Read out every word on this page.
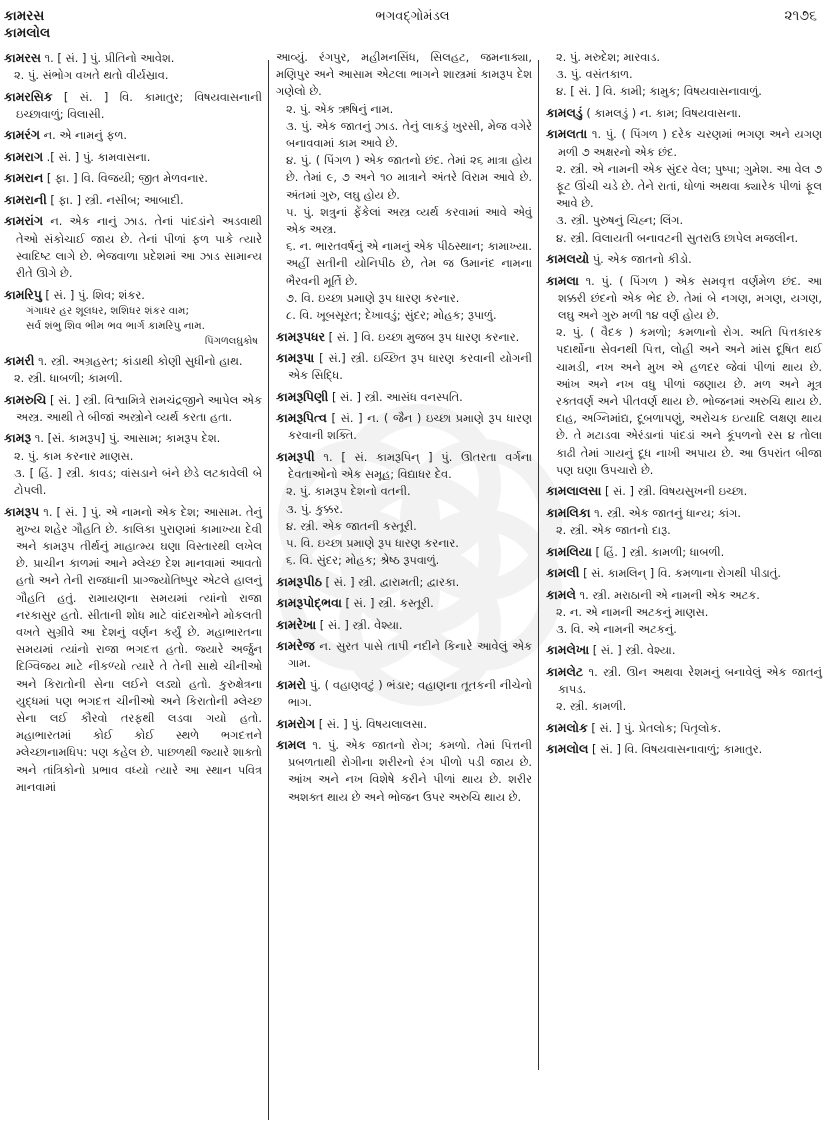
કામરસ
કામલોલ
ભગવદ્ગોમંડલ	૨૧૭૬

કામરસ ૧. [ સં. ] પું. પ્રીતિનો આવેશ.

૨. પું. સંભોગ વખતે થતો વીર્યસ્રાવ.

કામરસિક [ સં. ] વિ. કામાતુર; વિષયવાસનાની ઇચ્છાવાળું; વિલાસી.

કામરંગ ન. એ નામનું ફળ.

કામરાગ .[ સં. ] પું. કામવાસના.

કામરાન [ ફા. ] વિ. વિજયી; જીત મેળવનાર.

કામરાની [ ફા. ] સ્ત્રી. નસીબ; આબાદી.

કામરાંગ ન. એક નાનું ઝાડ. તેનાં પાંદડાંને અડવાથી તેઓ સંકોચાઈ જાય છે. તેનાં પીળાં ફળ પાકે ત્યારે સ્વાદિષ્ટ લાગે છે. ભેજવાળા પ્રદેશમાં આ ઝાડ સામાન્ય રીતે ઊગે છે.

કામરિપુ [ સં. ] પું. શિવ; શંકર.

ગંગાધર હર શૂલધર, શશિધર શંકર વામ;

સર્વ શંભુ શિવ ભીમ ભવ ભાર્ગ કામરિપુ નામ.

પિંગળલઘુકોષ

કામરી ૧. સ્ત્રી. અગ્રહસ્ત; કાંડાથી કોણી સુધીનો હાથ.

૨. સ્ત્રી. ધાબળી; કામળી.

કામરુચિ [ સં. ] સ્ત્રી. વિશ્વામિત્રે રામચંદ્રજીને આપેલ એક અસ્ત્ર. આથી તે બીજાં અસ્ત્રોને વ્યર્થ કરતા હતા.

કામરૂ ૧. [સં. કામરૂપ] પું. આસામ; કામરૂપ દેશ.

૨. પું. કામ કરનાર માણસ.

૩. [ હિં. ] સ્ત્રી. કાવડ; વાંસડાને બંને છેડે લટકાવેલી બે ટોપલી.

કામરૂપ ૧. [ સં. ] પું. એ નામનો એક દેશ; આસામ. તેનું મુખ્ય શહેર ગૌહતિ છે. કાલિકા પુરાણમાં કામાખ્યા દેવી અને કામરૂપ તીર્થનું માહાત્મ્ય ઘણા વિસ્તારથી લખેલ છે. પ્રાચીન કાળમાં આને મ્લેચ્છ દેશ માનવામાં આવતો હતો અને તેની રાજધાની પ્રાગ્જ્યોતિષ્પુર એટલે હાલનું ગૌહતિ હતું. રામાયણના સમયમાં ત્યાંનો રાજા નરકાસુર હતો. સીતાની શોધ માટે વાંદરાઓને મોકલતી વખતે સુગ્રીવે આ દેશનું વર્ણન કર્યું છે. મહાભારતના સમયમાં ત્યાંનો રાજા ભગદત્ત હતો. જ્યારે અર્જુન દિગ્વિજય માટે નીકળ્યો ત્યારે તે તેની સાથે ચીનીઓ અને કિરાતોની સેના લઈને લડ્યો હતો. કુરુક્ષેત્રના યુદ્ધમાં પણ ભગદત્ત ચીનીઓ અને કિરાતોની મ્લેચ્છ સેના લઈ કૌરવો તરફથી લડવા ગયો હતો. મહાભારતમાં કોઈ કોઈ સ્થળે ભગદત્તને મ્લેચ્છાનામધિપ: પણ કહેલ છે. પાછળથી જ્યારે શાક્તો અને તાંત્રિકોનો પ્રભાવ વધ્યો ત્યારે આ સ્થાન પવિત્ર માનવામાં

આવ્યું. રંગપુર, મહીમનસિંધ, સિલહટ, જમનાક્યા, મણિપુર અને આસામ એટલા ભાગને શાસ્ત્રમાં કામરૂપ દેશ ગણેલો છે.

૨. પું. એક ઋષિનું નામ.

૩. પું. એક જાતનું ઝાડ. તેનું લાકડું ખુરસી, મેજ વગેરે બનાવવામાં કામ આવે છે.

૪. પું. ( પિંગળ ) એક જાતનો છંદ. તેમાં ૨૬ માત્રા હોય છે. તેમાં ૯, ૭ અને ૧૦ માત્રાને અંતરે વિરામ આવે છે. અંતમાં ગુરુ, લઘુ હોય છે.

૫. પું. શત્રુનાં ફેંકેલાં અસ્ત્ર વ્યર્થ કરવામાં આવે એવું એક અસ્ત્ર.

૬. ન. ભારતવર્ષનું એ નામનું એક પીઠસ્થાન; કામાખ્યા. અહીં સતીની યોનિપીઠ છે, તેમ જ ઉમાનંદ નામના ભૈરવની મૂર્તિ છે.

૭. વિ. ઇચ્છા પ્રમાણે રૂપ ધારણ કરનાર.

૮. વિ. ખૂબસૂરત; દેખાવડું; સુંદર; મોહક; રૂપાળું.

કામરૂપધર [ સં. ] વિ. ઇચ્છા મુજબ રૂપ ધારણ કરનાર.

કામરૂપા [ સં.] સ્ત્રી. ઇચ્છિત રૂપ ધારણ કરવાની યોગની એક સિદ્ધિ.

કામરૂપિણી [ સં. ] સ્ત્રી. આસંધ વનસ્પતિ.

કામરૂપિત્વ [ સં. ] ન. ( જૈન ) ઇચ્છા પ્રમાણે રૂપ ધારણ કરવાની શક્તિ.

કામરૂપી ૧. [ સં. કામરૂપિન્ ] પું. ઊતરતા વર્ગના દેવતાઓનો એક સમૂહ; વિદ્યાધર દેવ.

૨. પું. કામરૂપ દેશનો વતની.

૩. પું. કુક્કર.

૪. સ્ત્રી. એક જાતની કસ્તૂરી.

૫. વિ. ઇચ્છા પ્રમાણે રૂપ ધારણ કરનાર.

૬. વિ. સુંદર; મોહક; શ્રેષ્ઠ રૂપવાળું.

કામરૂપીઠ [ સં. ] સ્ત્રી. દ્વારામતી; દ્વારકા.

કામરૂપોદ્ભવા [ સં. ] સ્ત્રી. કસ્તૂરી.

કામરેખા [ સં. ] સ્ત્રી. વેશ્યા.

કામરેજ ન. સુરત પાસે તાપી નદીને કિનારે આવેલું એક ગામ.

કામરો પું. ( વહાણવટું ) ભંડાર; વહાણના તૂતકની નીચેનો ભાગ.

કામરોગ [ સં. ] પું. વિષયલાલસા.

કામલ ૧. પું. એક જાતનો રોગ; કમળો. તેમાં પિત્તની પ્રબળતાથી રોગીના શરીરનો રંગ પીળો પડી જાય છે. આંખ અને નખ વિશેષે કરીને પીળાં થાય છે. શરીર અશક્ત થાય છે અને ભોજન ઉપર અરુચિ થાય છે.

૨. પું. મરુદેશ; મારવાડ.

૩. પું. વસંતકાળ.

૪. [ સં. ] વિ. કામી; કામુક; વિષયવાસનાવાળું.

કામલડું ( કામલડું ) ન. કામ; વિષયવાસના.

કામલતા ૧. પું. ( પિંગળ ) દરેક ચરણમાં ભગણ અને યગણ મળી ૭ અક્ષરનો એક છંદ.

૨. સ્ત્રી. એ નામની એક સુંદર વેલ; પુષ્પા; ગુમેશ. આ વેલ ૭ ફૂટ ઊંચી ચડે છે. તેને રાતાં, ધોળાં અથવા ક્યારેક પીળાં ફૂલ આવે છે.

૩. સ્ત્રી. પુરુષનું ચિહ્ન; લિંગ.

૪. સ્ત્રી. વિલાયતી બનાવટની સુતરાઉ છાપેલ મજલીન.

કામલયો પું. એક જાતનો કીડો.

કામલા ૧. પું. ( પિંગળ ) એક સમવૃત્ત વર્ણમેળ છંદ. આ શક્કરી છંદનો એક ભેદ છે. તેમાં બે નગણ, મગણ, યગણ, લઘુ અને ગુરુ મળી ૧૪ વર્ણ હોય છે.

૨. પું. ( વૈદક ) કમળો; કમળાનો રોગ. અતિ પિત્તકારક પદાર્થોના સેવનથી પિત્ત, લોહી અને અને માંસ દૂષિત થઈ ચામડી, નખ અને મુખ એ હળદર જેવાં પીળાં થાય છે. આંખ અને નખ વધુ પીળાં જણાય છે. મળ અને મૂત્ર રક્તવર્ણ અને પીતવર્ણ થાય છે. ભોજનમાં અરુચિ થાય છે. દાહ, અગ્નિમાંદ્ય, દૂબળાપણું, અરોચક ઇત્યાદિ લક્ષણ થાય છે. તે મટાડવા એરંડાનાં પાંદડાં અને કૂંપળનો રસ ૪ તોલા કાઢી તેમાં ગાયનું દૂધ નાખી અપાય છે. આ ઉપરાંત બીજા પણ ઘણા ઉપચારો છે.

કામલાલસા [ સં. ] સ્ત્રી. વિષયસુખની ઇચ્છા.

કામલિકા ૧. સ્ત્રી. એક જાતનું ધાન્ય; કાંગ.

૨. સ્ત્રી. એક જાતનો દારૂ.

કામલિયા [ હિં. ] સ્ત્રી. કામળી; ધાબળી.

કામલી [ સં. કામલિન્ ] વિ. કમળાના રોગથી પીડાતું.

કામલે ૧. સ્ત્રી. મરાઠાની એ નામની એક અટક.

૨. ન. એ નામની અટકનું માણસ.

૩. વિ. એ નામની અટકનું.

કામલેખા [ સં. ] સ્ત્રી. વેશ્યા.

કામલેટ ૧. સ્ત્રી. ઊન અથવા રેશમનું બનાવેલું એક જાતનું કાપડ.

૨. સ્ત્રી. કામળી.

કામલોક [ સં. ] પું. પ્રેતલોક; પિતૃલોક.

કામલોલ [ સં. ] વિ. વિષયવાસનાવાળું; કામાતુર.
